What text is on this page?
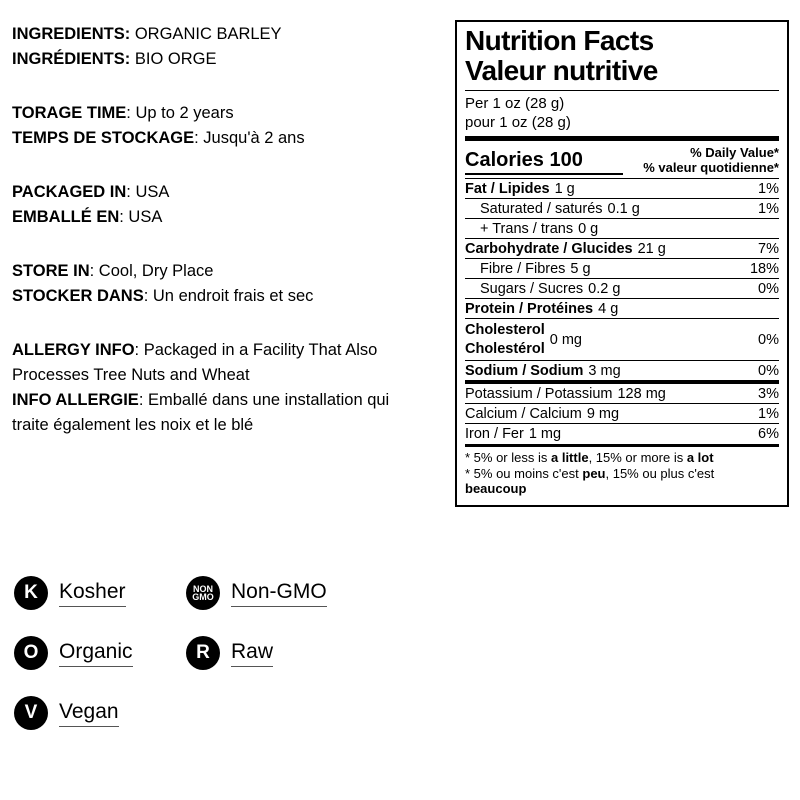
INGREDIENTS: ORGANIC BARLEY

INGRÉDIENTS: BIO ORGE

TORAGE TIME: Up to 2 years

TEMPS DE STOCKAGE: Jusqu'à 2 ans

PACKAGED IN: USA

EMBALLÉ EN: USA

STORE IN: Cool, Dry Place

STOCKER DANS: Un endroit frais et sec

ALLERGY INFO: Packaged in a Facility That Also Processes Tree Nuts and Wheat

INFO ALLERGIE: Emballé dans une installation qui traite également les noix et le blé

Nutrition Facts
Valeur nutritive
Per 1 oz (28 g)
pour 1 oz (28 g)
Calories 100	% Daily Value*
% valeur quotidienne*
Fat / Lipides 1 g	1%
Saturated / saturés 0.1 g	1%
+ Trans / trans 0 g
Carbohydrate / Glucides 21 g	7%
Fibre / Fibres 5 g	18%
Sugars / Sucres 0.2 g	0%
Protein / Protéines 4 g
Cholesterol
Cholestérol
0 mg	0%
Sodium / Sodium 3 mg	0%
Potassium / Potassium 128 mg	3%
Calcium / Calcium 9 mg	1%
Iron / Fer 1 mg	6%
* 5% or less is a little, 15% or more is a lot
* 5% ou moins c'est peu, 15% ou plus c'est beaucoup
K	Kosher	NON
GMO Non-GMO
O Organic	R	Raw
V	Vegan
